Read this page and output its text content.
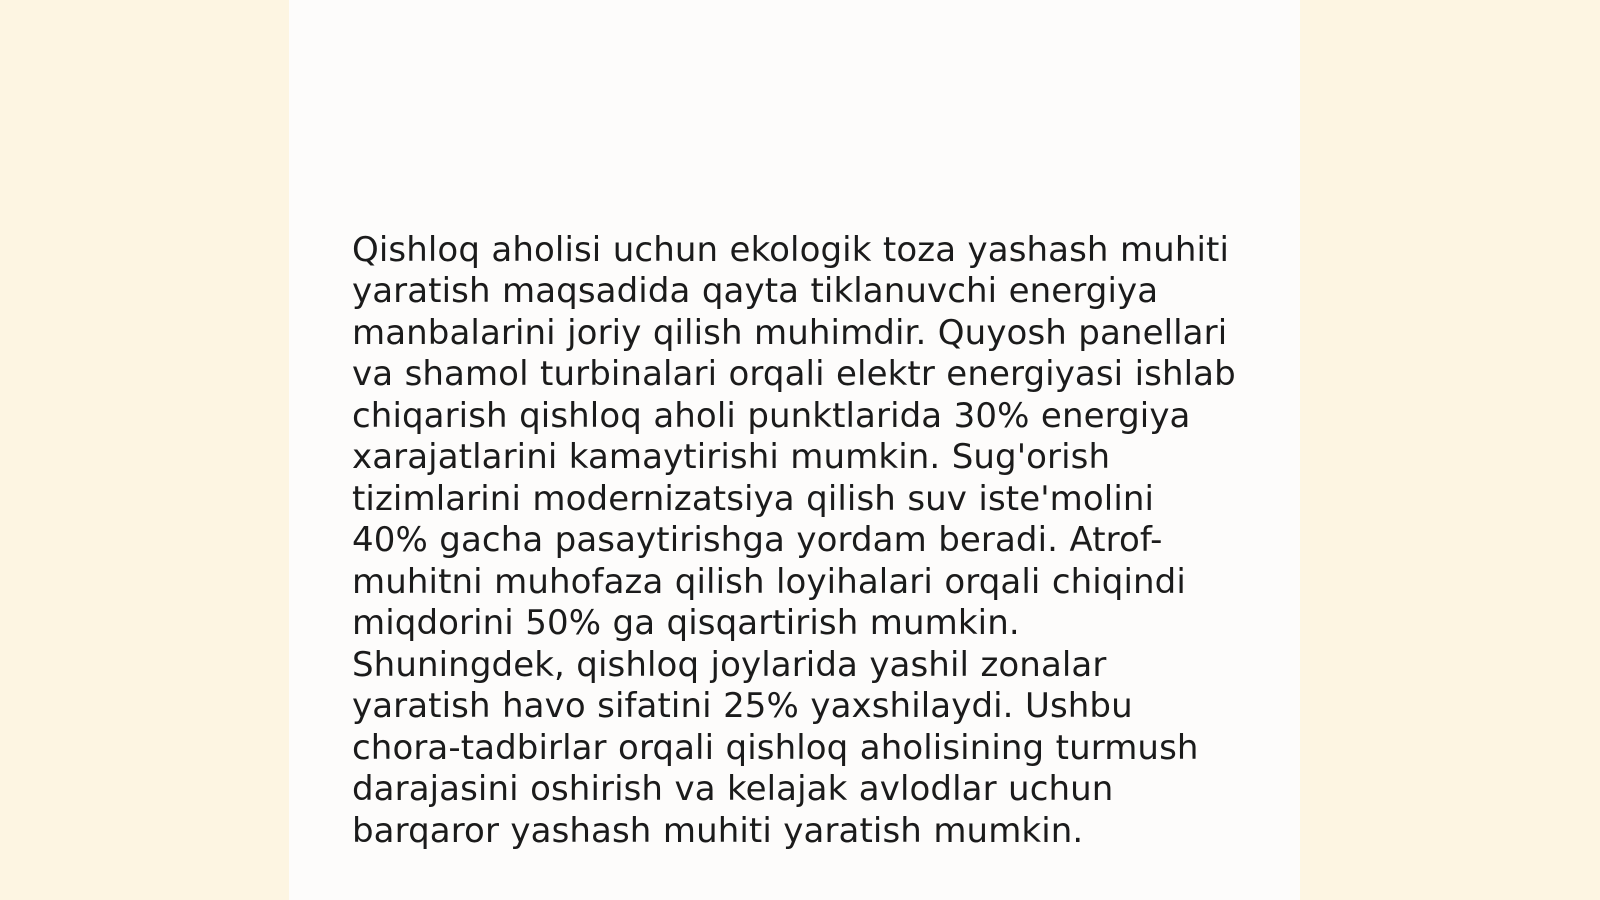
Qishloq aholisi uchun ekologik toza yashash muhiti yaratish maqsadida qayta tiklanuvchi energiya manbalarini joriy qilish muhimdir. Quyosh panellari va shamol turbinalari orqali elektr energiyasi ishlab chiqarish qishloq aholi punktlarida 30% energiya xarajatlarini kamaytirishi mumkin. Sug'orish tizimlarini modernizatsiya qilish suv iste'molini 40% gacha pasaytirishga yordam beradi. Atrof-muhitni muhofaza qilish loyihalari orqali chiqindi miqdorini 50% ga qisqartirish mumkin. Shuningdek, qishloq joylarida yashil zonalar yaratish havo sifatini 25% yaxshilaydi. Ushbu chora-tadbirlar orqali qishloq aholisining turmush darajasini oshirish va kelajak avlodlar uchun barqaror yashash muhiti yaratish mumkin.
